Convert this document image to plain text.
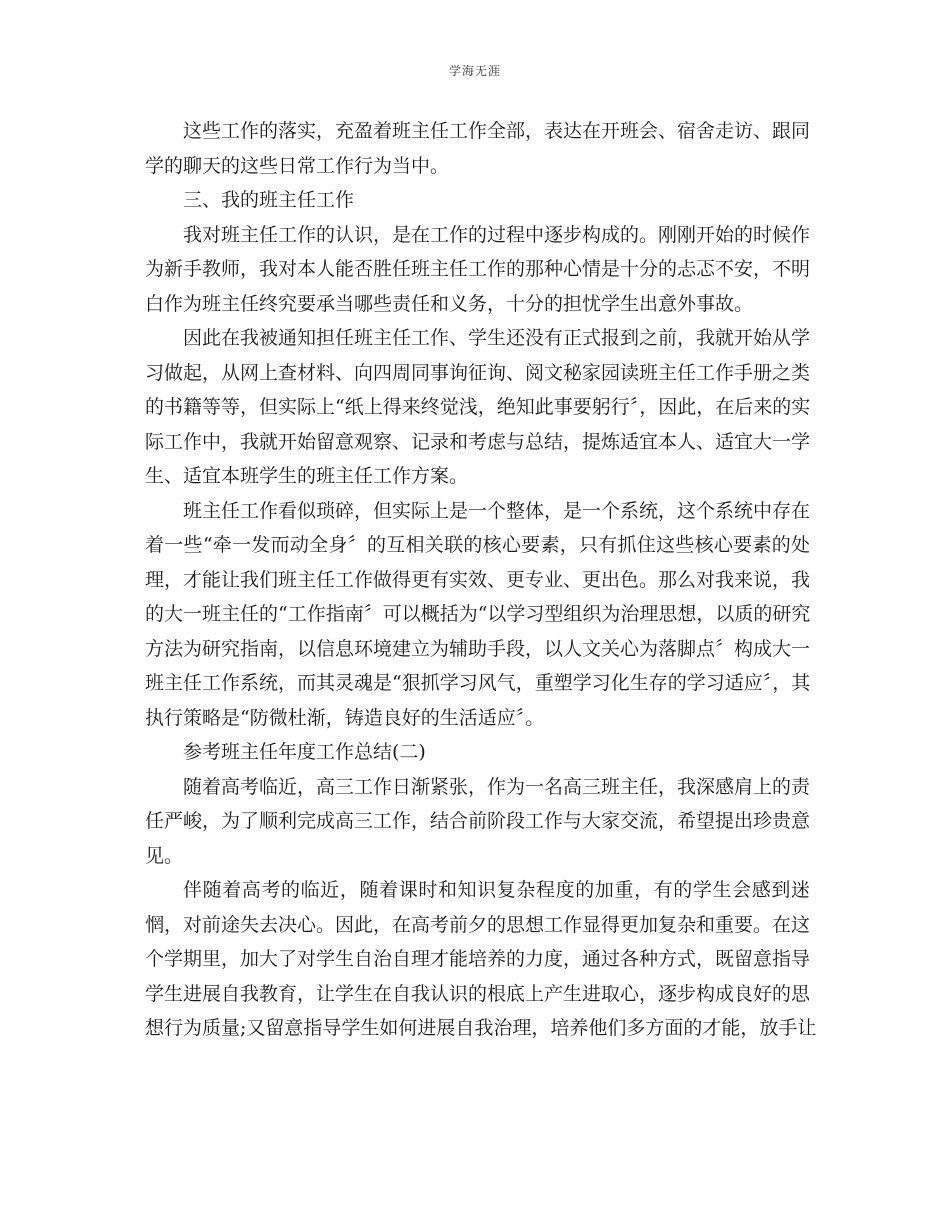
学海无涯
这些工作的落实，充盈着班主任工作全部，表达在开班会、宿舍走访、跟同
学的聊天的这些日常工作行为当中。
三、我的班主任工作
我对班主任工作的认识，是在工作的过程中逐步构成的。刚刚开始的时候作
为新手教师，我对本人能否胜任班主任工作的那种心情是十分的忐忑不安，不明
白作为班主任终究要承当哪些责任和义务，十分的担忧学生出意外事故。
因此在我被通知担任班主任工作、学生还没有正式报到之前，我就开始从学
习做起，从网上查材料、向四周同事询征询、阅文秘家园读班主任工作手册之类
的书籍等等，但实际上“纸上得来终觉浅，绝知此事要躬行〞，因此，在后来的实
际工作中，我就开始留意观察、记录和考虑与总结，提炼适宜本人、适宜大一学
生、适宜本班学生的班主任工作方案。
班主任工作看似琐碎，但实际上是一个整体，是一个系统，这个系统中存在
着一些“牵一发而动全身〞的互相关联的核心要素，只有抓住这些核心要素的处
理，才能让我们班主任工作做得更有实效、更专业、更出色。那么对我来说，我
的大一班主任的“工作指南〞可以概括为“以学习型组织为治理思想，以质的研究
方法为研究指南，以信息环境建立为辅助手段，以人文关心为落脚点〞构成大一
班主任工作系统，而其灵魂是“狠抓学习风气，重塑学习化生存的学习适应〞，其
执行策略是“防微杜渐，铸造良好的生活适应〞。
参考班主任年度工作总结(二)
随着高考临近，高三工作日渐紧张，作为一名高三班主任，我深感肩上的责
任严峻，为了顺利完成高三工作，结合前阶段工作与大家交流，希望提出珍贵意
见。
伴随着高考的临近，随着课时和知识复杂程度的加重，有的学生会感到迷
惘，对前途失去决心。因此，在高考前夕的思想工作显得更加复杂和重要。在这
个学期里，加大了对学生自治自理才能培养的力度，通过各种方式，既留意指导
学生进展自我教育，让学生在自我认识的根底上产生进取心，逐步构成良好的思
想行为质量;又留意指导学生如何进展自我治理，培养他们多方面的才能，放手让
